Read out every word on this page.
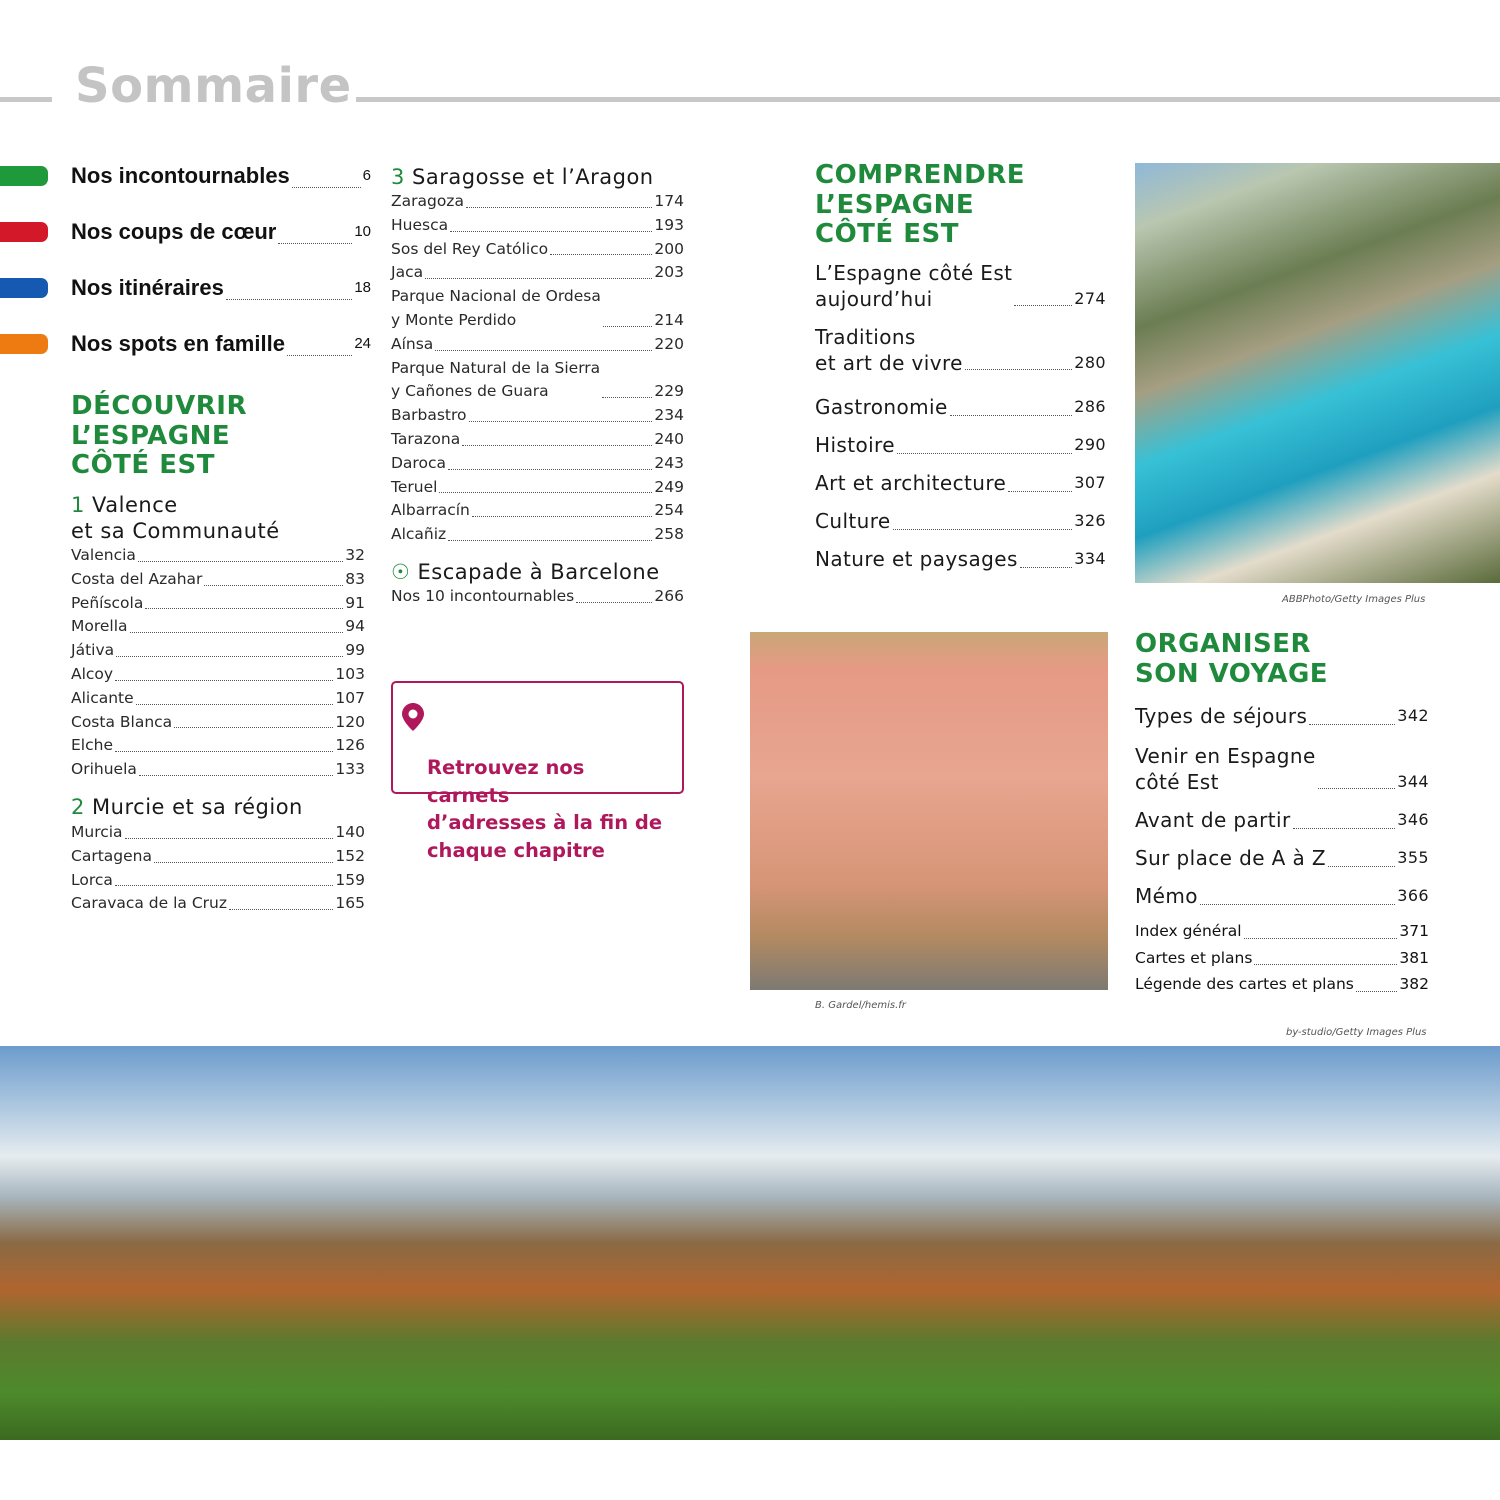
Sommaire
Nos incontournables	6
Nos coups de cœur	10
Nos itinéraires	18
Nos spots en famille	24
DÉCOUVRIR
L’ESPAGNE
CÔTÉ EST
1 Valence
et sa Communauté
Valencia	32
Costa del Azahar	83
Peñíscola	91
Morella	94
Játiva	99
Alcoy	103
Alicante	107
Costa Blanca	120
Elche	126
Orihuela	133
2 Murcie et sa région
Murcia	140
Cartagena	152
Lorca	159
Caravaca de la Cruz	165
3 Saragosse et l’Aragon
Zaragoza	174
Huesca	193
Sos del Rey Católico	200
Jaca	203
Parque Nacional de Ordesa
y Monte Perdido	214
Aínsa	220
Parque Natural de la Sierra
y Cañones de Guara	229
Barbastro	234
Tarazona	240
Daroca	243
Teruel	249
Albarracín	254
Alcañiz	258
☉ Escapade à Barcelone
Nos 10 incontournables	266

Retrouvez nos carnets
d’adresses à la fin de
chaque chapitre
COMPRENDRE
L’ESPAGNE
CÔTÉ EST
L’Espagne côté Est
aujourd’hui	274
Traditions
et art de vivre	280
Gastronomie	286
Histoire	290
Art et architecture	307
Culture	326
Nature et paysages	334
ABBPhoto/Getty Images Plus
B. Gardel/hemis.fr
ORGANISER
SON VOYAGE
Types de séjours	342
Venir en Espagne
côté Est	344
Avant de partir	346
Sur place de A à Z	355
Mémo	366
Index général	371
Cartes et plans	381
Légende des cartes et plans	382
by-studio/Getty Images Plus
